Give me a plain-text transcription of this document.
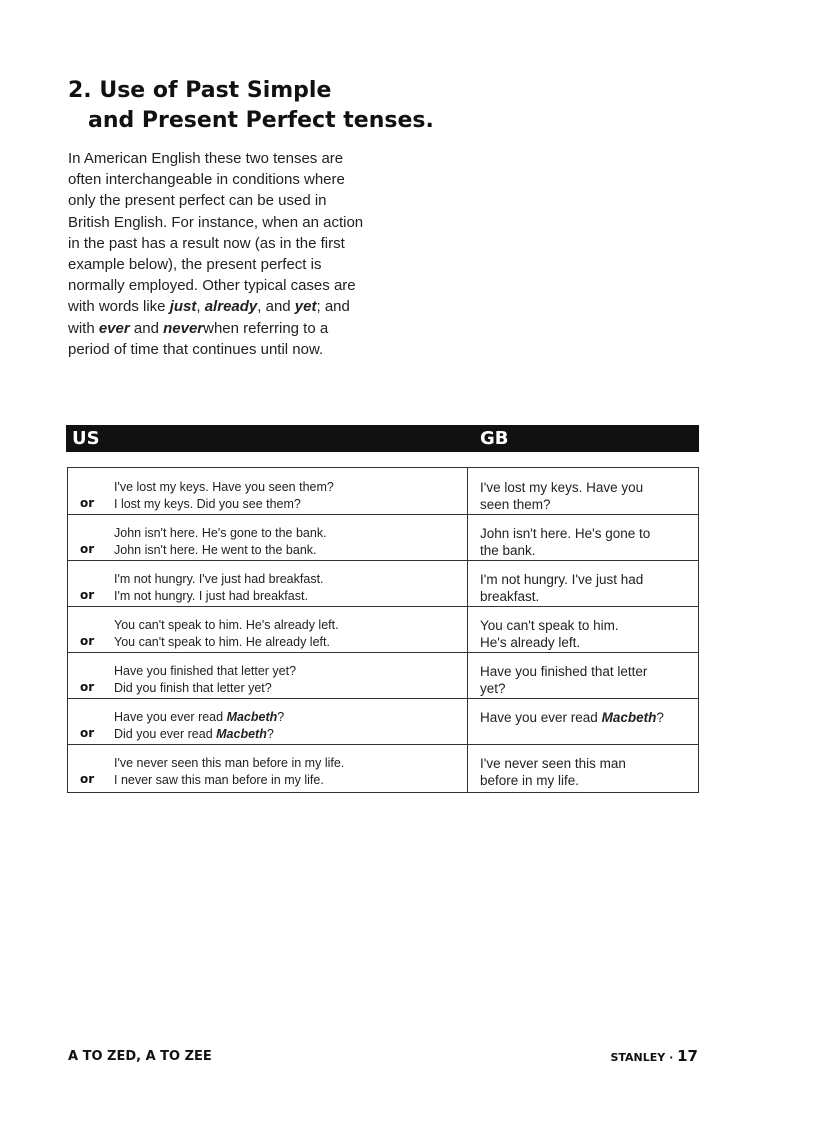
2. Use of Past Simple
and Present Perfect tenses.

In American English these two tenses are often interchangeable in conditions where only the present perfect can be used in British English. For instance, when an action in the past has a result now (as in the first example below), the present perfect is normally employed. Other typical cases are with words like just, already, and yet; and with ever and neverwhen referring to a period of time that continues until now.

US	GB
I've lost my keys. Have you seen them?
I lost my keys. Did you see them?
or
I've lost my keys. Have you
seen them?
John isn't here. He's gone to the bank.
John isn't here. He went to the bank.
or
John isn't here. He's gone to
the bank.
I'm not hungry. I've just had breakfast.
I'm not hungry. I just had breakfast.
or
I'm not hungry. I've just had
breakfast.
You can't speak to him. He's already left.
You can't speak to him. He already left.
or
You can't speak to him.
He's already left.
Have you finished that letter yet?
Did you finish that letter yet?
or
Have you finished that letter
yet?
Have you ever read Macbeth?
Did you ever read Macbeth?
or
Have you ever read Macbeth?
I've never seen this man before in my life.
I never saw this man before in my life.
or
I've never seen this man
before in my life.
A TO ZED, A TO ZEE	STANLEY · 17
